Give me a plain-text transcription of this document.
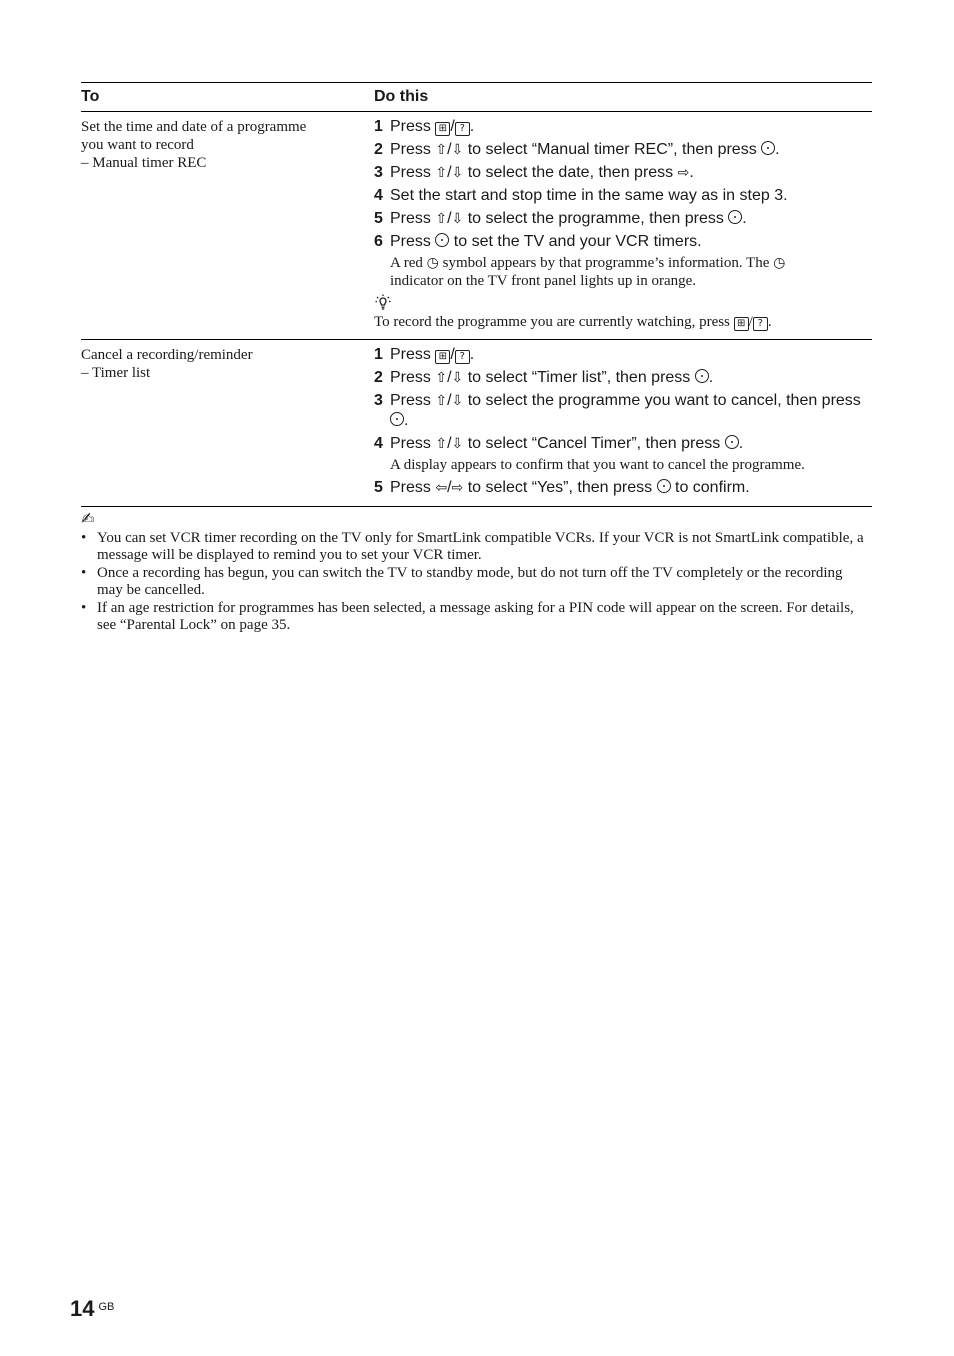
To	Do this
Set the time and date of a programme
you want to record
– Manual timer REC
1 Press ⊞ / ? .
2 Press ⇧/⇩ to select “Manual timer REC”, then press .
3 Press ⇧/⇩ to select the date, then press ⇨.
4 Set the start and stop time in the same way as in step 3.
5 Press ⇧/⇩ to select the programme, then press .
6 Press  to set the TV and your VCR timers.
A red ◷ symbol appears by that programme’s information. The ◷
indicator on the TV front panel lights up in orange.
To record the programme you are currently watching, press ⊞ / ? .
Cancel a recording/reminder
– Timer list
1 Press ⊞ / ? .
2 Press ⇧/⇩ to select “Timer list”, then press .
3 Press ⇧/⇩ to select the programme you want to cancel, then press .
4 Press ⇧/⇩ to select “Cancel Timer”, then press .
A display appears to confirm that you want to cancel the programme.
5 Press ⇦/⇨ to select “Yes”, then press  to confirm.
✍
• You can set VCR timer recording on the TV only for SmartLink compatible VCRs. If your VCR is not SmartLink compatible, a message will be displayed to remind you to set your VCR timer.
• Once a recording has begun, you can switch the TV to standby mode, but do not turn off the TV completely or the recording may be cancelled.
• If an age restriction for programmes has been selected, a message asking for a PIN code will appear on the screen. For details, see “Parental Lock” on page 35.
14 $^{GB}$
